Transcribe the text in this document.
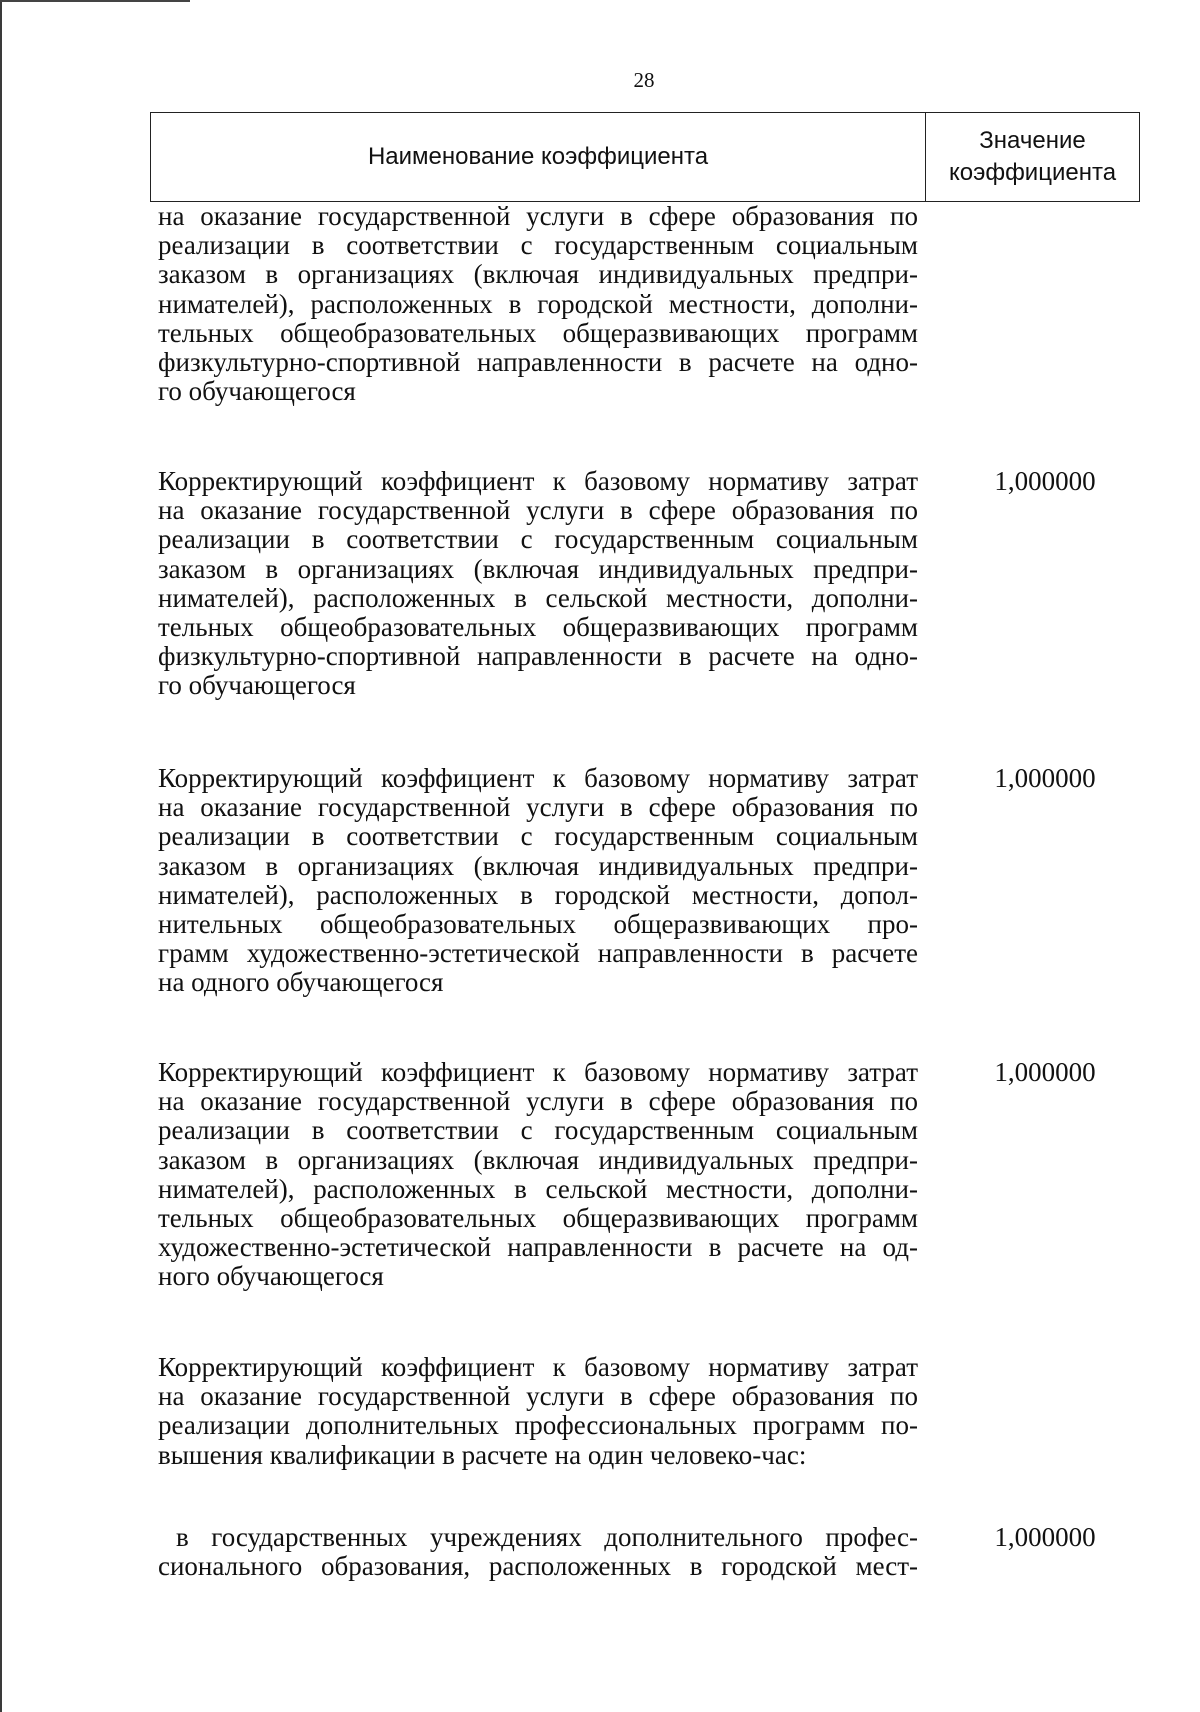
28
Наименование коэффициента
Значение
коэффициента
на оказание государственной услуги в сфере образования по
реализации в соответствии с государственным социальным
заказом в организациях (включая индивидуальных предпри-
нимателей), расположенных в городской местности, дополни-
тельных общеобразовательных общеразвивающих программ
физкультурно-спортивной направленности в расчете на одно-
го обучающегося
Корректирующий коэффициент к базовому нормативу затрат
на оказание государственной услуги в сфере образования по
реализации в соответствии с государственным социальным
заказом в организациях (включая индивидуальных предпри-
нимателей), расположенных в сельской местности, дополни-
тельных общеобразовательных общеразвивающих программ
физкультурно-спортивной направленности в расчете на одно-
го обучающегося
1,000000
Корректирующий коэффициент к базовому нормативу затрат
на оказание государственной услуги в сфере образования по
реализации в соответствии с государственным социальным
заказом в организациях (включая индивидуальных предпри-
нимателей), расположенных в городской местности, допол-
нительных общеобразовательных общеразвивающих про-
грамм художественно-эстетической направленности в расчете
на одного обучающегося
1,000000
Корректирующий коэффициент к базовому нормативу затрат
на оказание государственной услуги в сфере образования по
реализации в соответствии с государственным социальным
заказом в организациях (включая индивидуальных предпри-
нимателей), расположенных в сельской местности, дополни-
тельных общеобразовательных общеразвивающих программ
художественно-эстетической направленности в расчете на од-
ного обучающегося
1,000000
Корректирующий коэффициент к базовому нормативу затрат
на оказание государственной услуги в сфере образования по
реализации дополнительных профессиональных программ по-
вышения квалификации в расчете на один человеко-час:
в государственных учреждениях дополнительного профес-
сионального образования, расположенных в городской мест-
1,000000
